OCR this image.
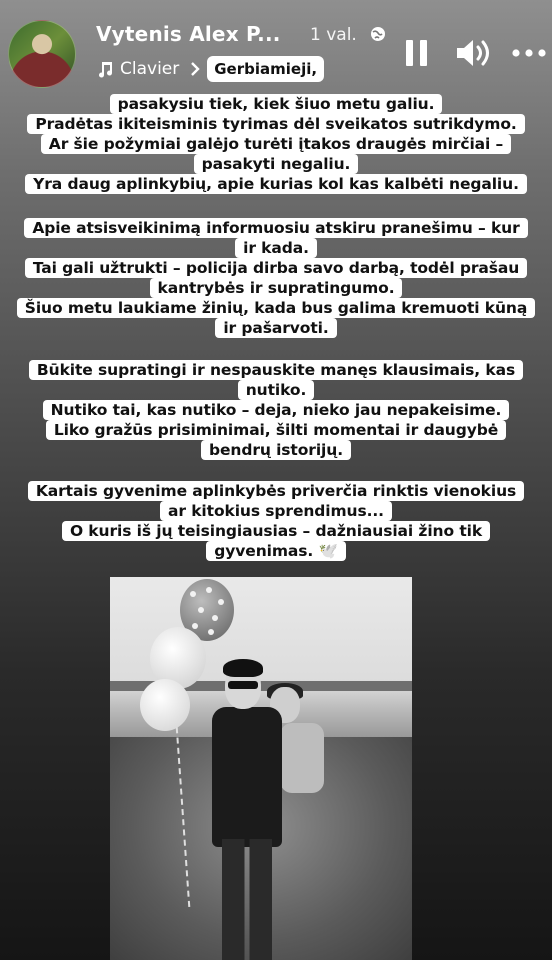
Vytenis Alex P... 1 val.
Clavier	Gerbiamieji,
pasakysiu tiek, kiek šiuo metu galiu.
Pradėtas ikiteisminis tyrimas dėl sveikatos sutrikdymo.
Ar šie požymiai galėjo turėti įtakos draugės mirčiai –
pasakyti negaliu.
Yra daug aplinkybių, apie kurias kol kas kalbėti negaliu.
Apie atsisveikinimą informuosiu atskiru pranešimu – kur
ir kada.
Tai gali užtrukti – policija dirba savo darbą, todėl prašau
kantrybės ir supratingumo.
Šiuo metu laukiame žinių, kada bus galima kremuoti kūną
ir pašarvoti.
Būkite supratingi ir nespauskite manęs klausimais, kas
nutiko.
Nutiko tai, kas nutiko – deja, nieko jau nepakeisime.
Liko gražūs prisiminimai, šilti momentai ir daugybė
bendrų istorijų.
Kartais gyvenime aplinkybės priverčia rinktis vienokius
ar kitokius sprendimus...
O kuris iš jų teisingiausias – dažniausiai žino tik
gyvenimas. 🕊️
